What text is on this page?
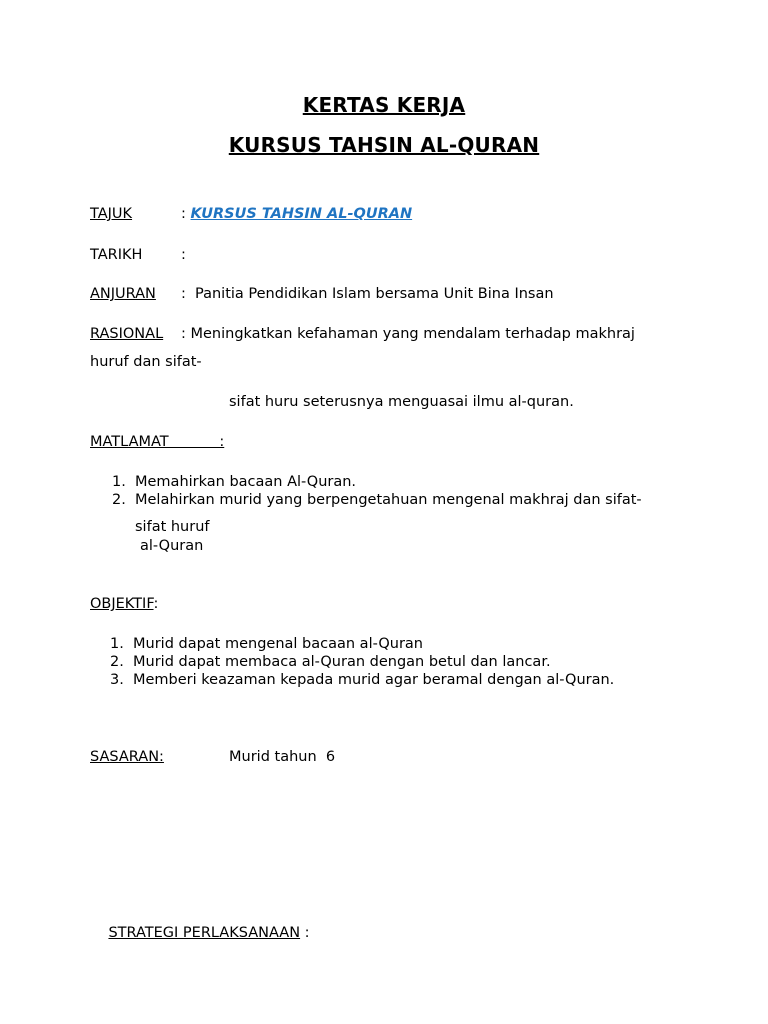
KERTAS KERJA
KURSUS TAHSIN AL-QURAN
TAJUK	: KURSUS TAHSIN AL-QURAN
TARIKH	:
ANJURAN : Panitia Pendidikan Islam bersama Unit Bina Insan
RASIONAL : Meningkatkan kefahaman yang mendalam terhadap makhraj
huruf dan sifat-
sifat huru seterusnya menguasai ilmu al-quran.
MATLAMAT           :
1. Memahirkan bacaan Al-Quran.
2. Melahirkan murid yang berpengetahuan mengenal makhraj dan sifat-
sifat huruf
al-Quran
OBJEKTIF:
1. Murid dapat mengenal bacaan al-Quran
2. Murid dapat membaca al-Quran dengan betul dan lancar.
3. Memberi keazaman kepada murid agar beramal dengan al-Quran.
SASARAN:	Murid tahun  6

STRATEGI PERLAKSANAAN :
